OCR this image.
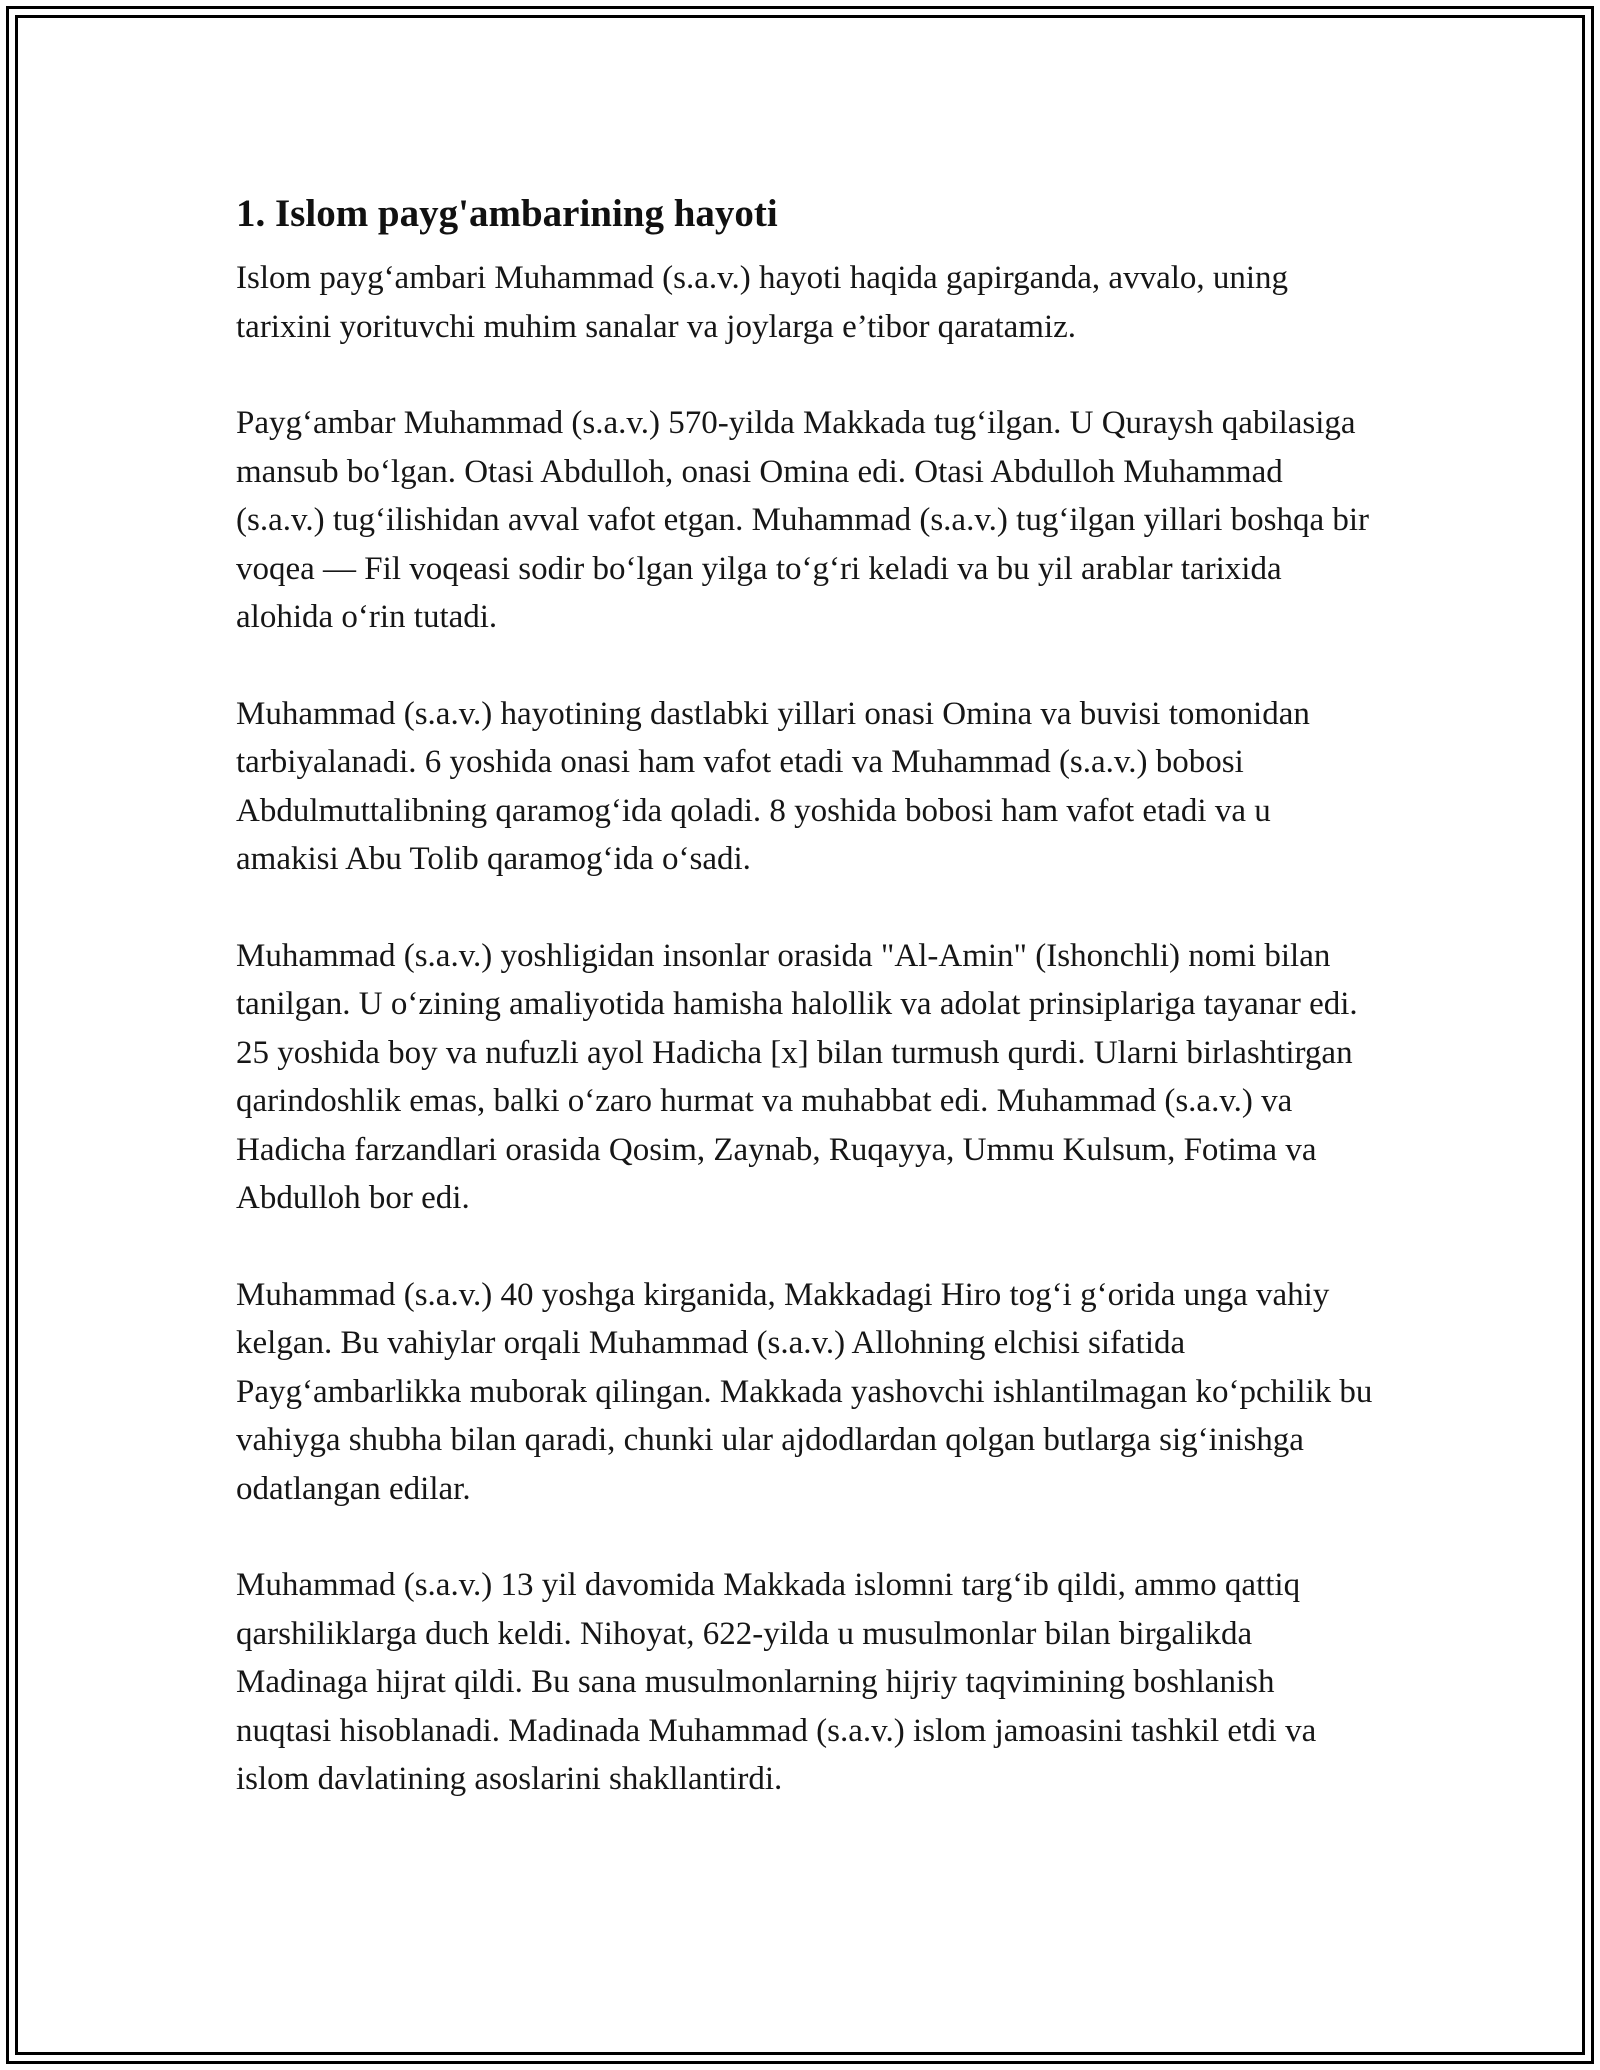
1. Islom payg'ambarining hayoti

Islom payg‘ambari Muhammad (s.a.v.) hayoti haqida gapirganda, avvalo, uning tarixini yorituvchi muhim sanalar va joylarga e’tibor qaratamiz.

Payg‘ambar Muhammad (s.a.v.) 570-yilda Makkada tug‘ilgan. U Quraysh qabilasiga mansub bo‘lgan. Otasi Abdulloh, onasi Omina edi. Otasi Abdulloh Muhammad (s.a.v.) tug‘ilishidan avval vafot etgan. Muhammad (s.a.v.) tug‘ilgan yillari boshqa bir voqea — Fil voqeasi sodir bo‘lgan yilga to‘g‘ri keladi va bu yil arablar tarixida alohida o‘rin tutadi.

Muhammad (s.a.v.) hayotining dastlabki yillari onasi Omina va buvisi tomonidan tarbiyalanadi. 6 yoshida onasi ham vafot etadi va Muhammad (s.a.v.) bobosi Abdulmuttalibning qaramog‘ida qoladi. 8 yoshida bobosi ham vafot etadi va u amakisi Abu Tolib qaramog‘ida o‘sadi.

Muhammad (s.a.v.) yoshligidan insonlar orasida "Al-Amin" (Ishonchli) nomi bilan tanilgan. U o‘zining amaliyotida hamisha halollik va adolat prinsiplariga tayanar edi. 25 yoshida boy va nufuzli ayol Hadicha [x] bilan turmush qurdi. Ularni birlashtirgan qarindoshlik emas, balki o‘zaro hurmat va muhabbat edi. Muhammad (s.a.v.) va Hadicha farzandlari orasida Qosim, Zaynab, Ruqayya, Ummu Kulsum, Fotima va Abdulloh bor edi.

Muhammad (s.a.v.) 40 yoshga kirganida, Makkadagi Hiro tog‘i g‘orida unga vahiy kelgan. Bu vahiylar orqali Muhammad (s.a.v.) Allohning elchisi sifatida Payg‘ambarlikka muborak qilingan. Makkada yashovchi ishlantilmagan ko‘pchilik bu vahiyga shubha bilan qaradi, chunki ular ajdodlardan qolgan butlarga sig‘inishga odatlangan edilar.

Muhammad (s.a.v.) 13 yil davomida Makkada islomni targ‘ib qildi, ammo qattiq qarshiliklarga duch keldi. Nihoyat, 622-yilda u musulmonlar bilan birgalikda Madinaga hijrat qildi. Bu sana musulmonlarning hijriy taqvimining boshlanish nuqtasi hisoblanadi. Madinada Muhammad (s.a.v.) islom jamoasini tashkil etdi va islom davlatining asoslarini shakllantirdi.
